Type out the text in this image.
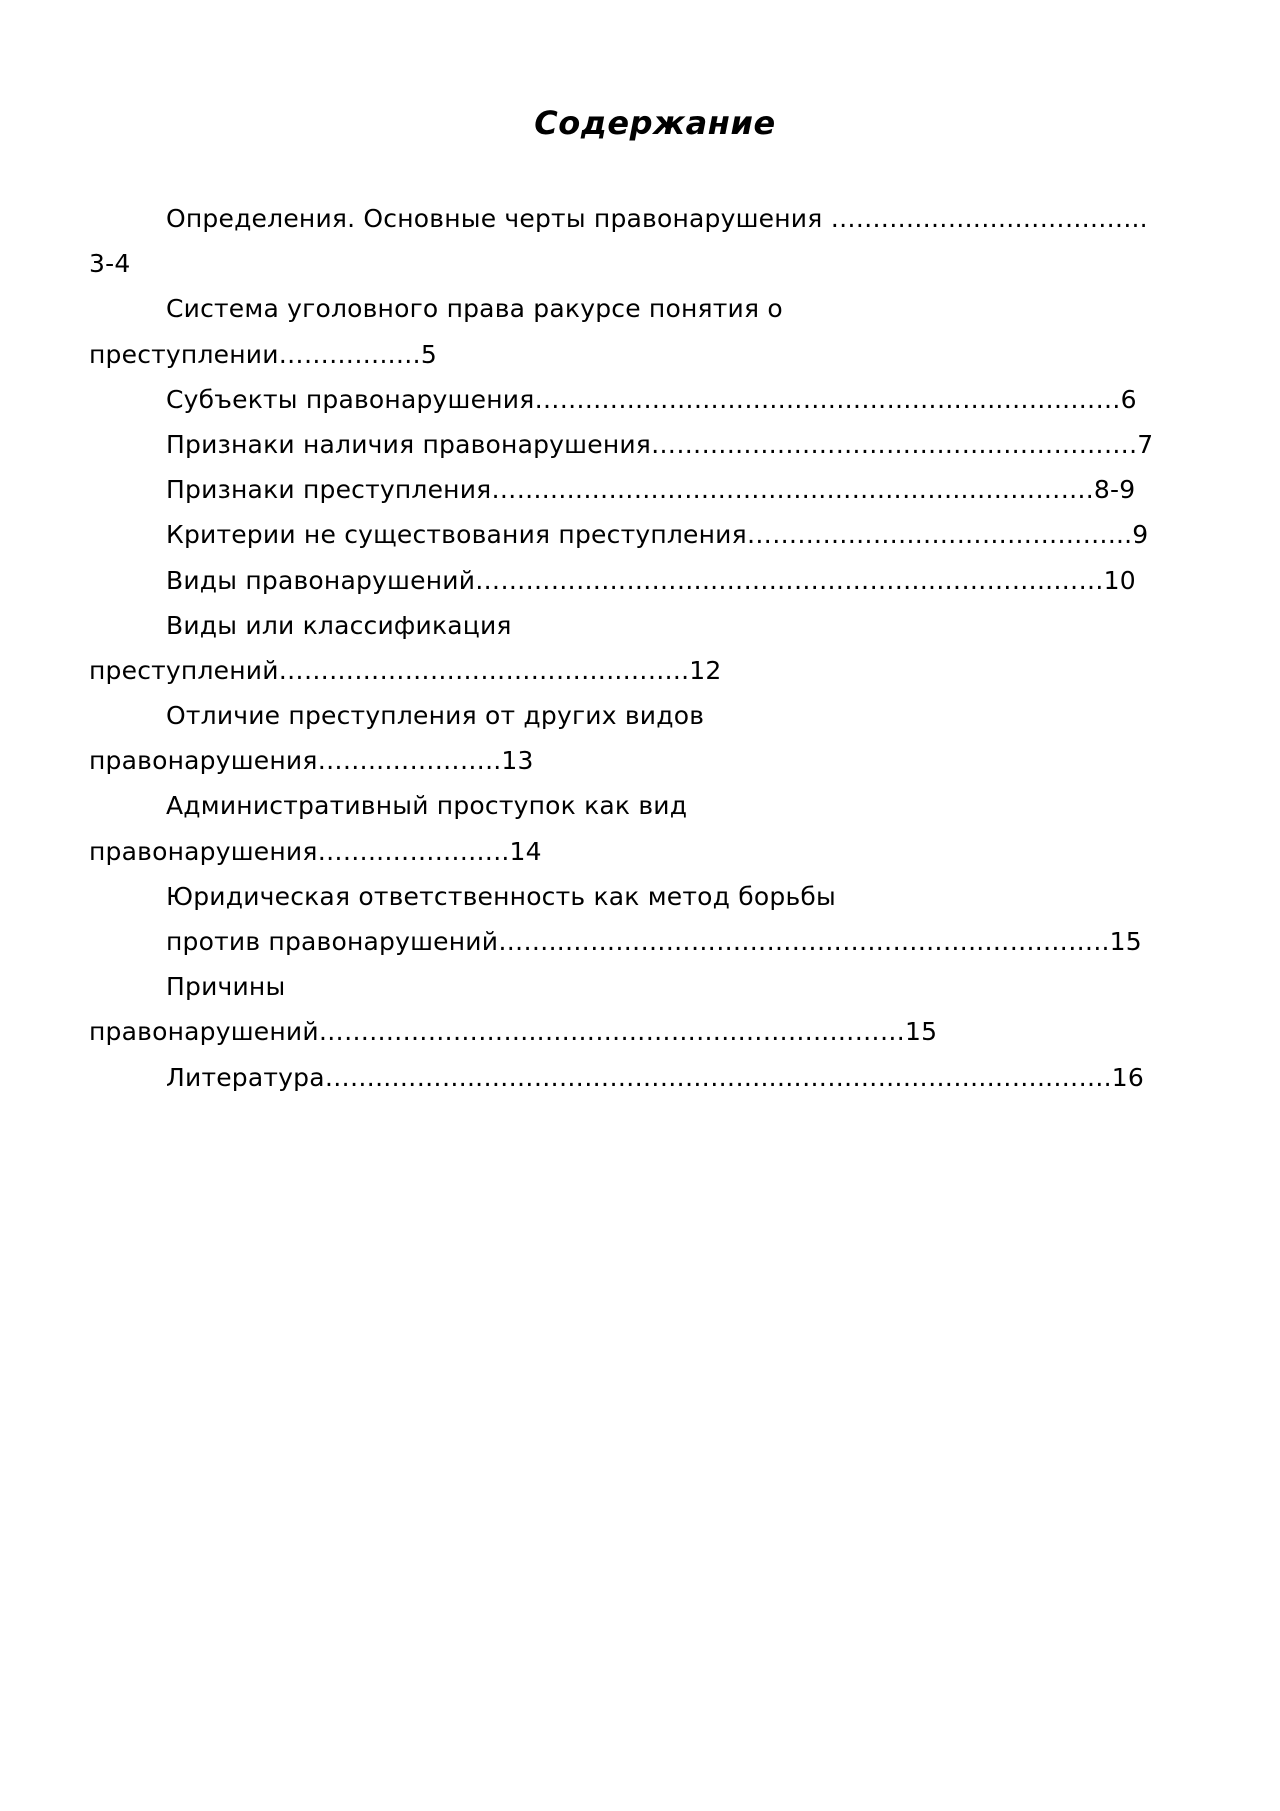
Содержание
Определения. Основные черты правонарушения ….…….…….….……….…...
3-4
Система уголовного права ракурсе понятия о
преступлении…………..…5
Субъекты правонарушения…….………………….…….………………..……..……6
Признаки наличия правонарушения…………….……………………..…………….7
Признаки преступления……..…………………………..……………..…..……….8-9
Критерии не существования преступления……………….……………………...9
Виды правонарушений………………………..……………………..…………..……10
Виды или классификация
преступлений…………………………………..……..12
Отличие преступления от других видов
правонарушения……..…………..13
Административный проступок как вид
правонарушения……..……….…..14
Юридическая ответственность как метод борьбы
против правонарушений……..…………………………………………..…….……..15
Причины
правонарушений…….………………..…………………..………..………15
Литература……..………..……………………………..…………………….……..…….16
